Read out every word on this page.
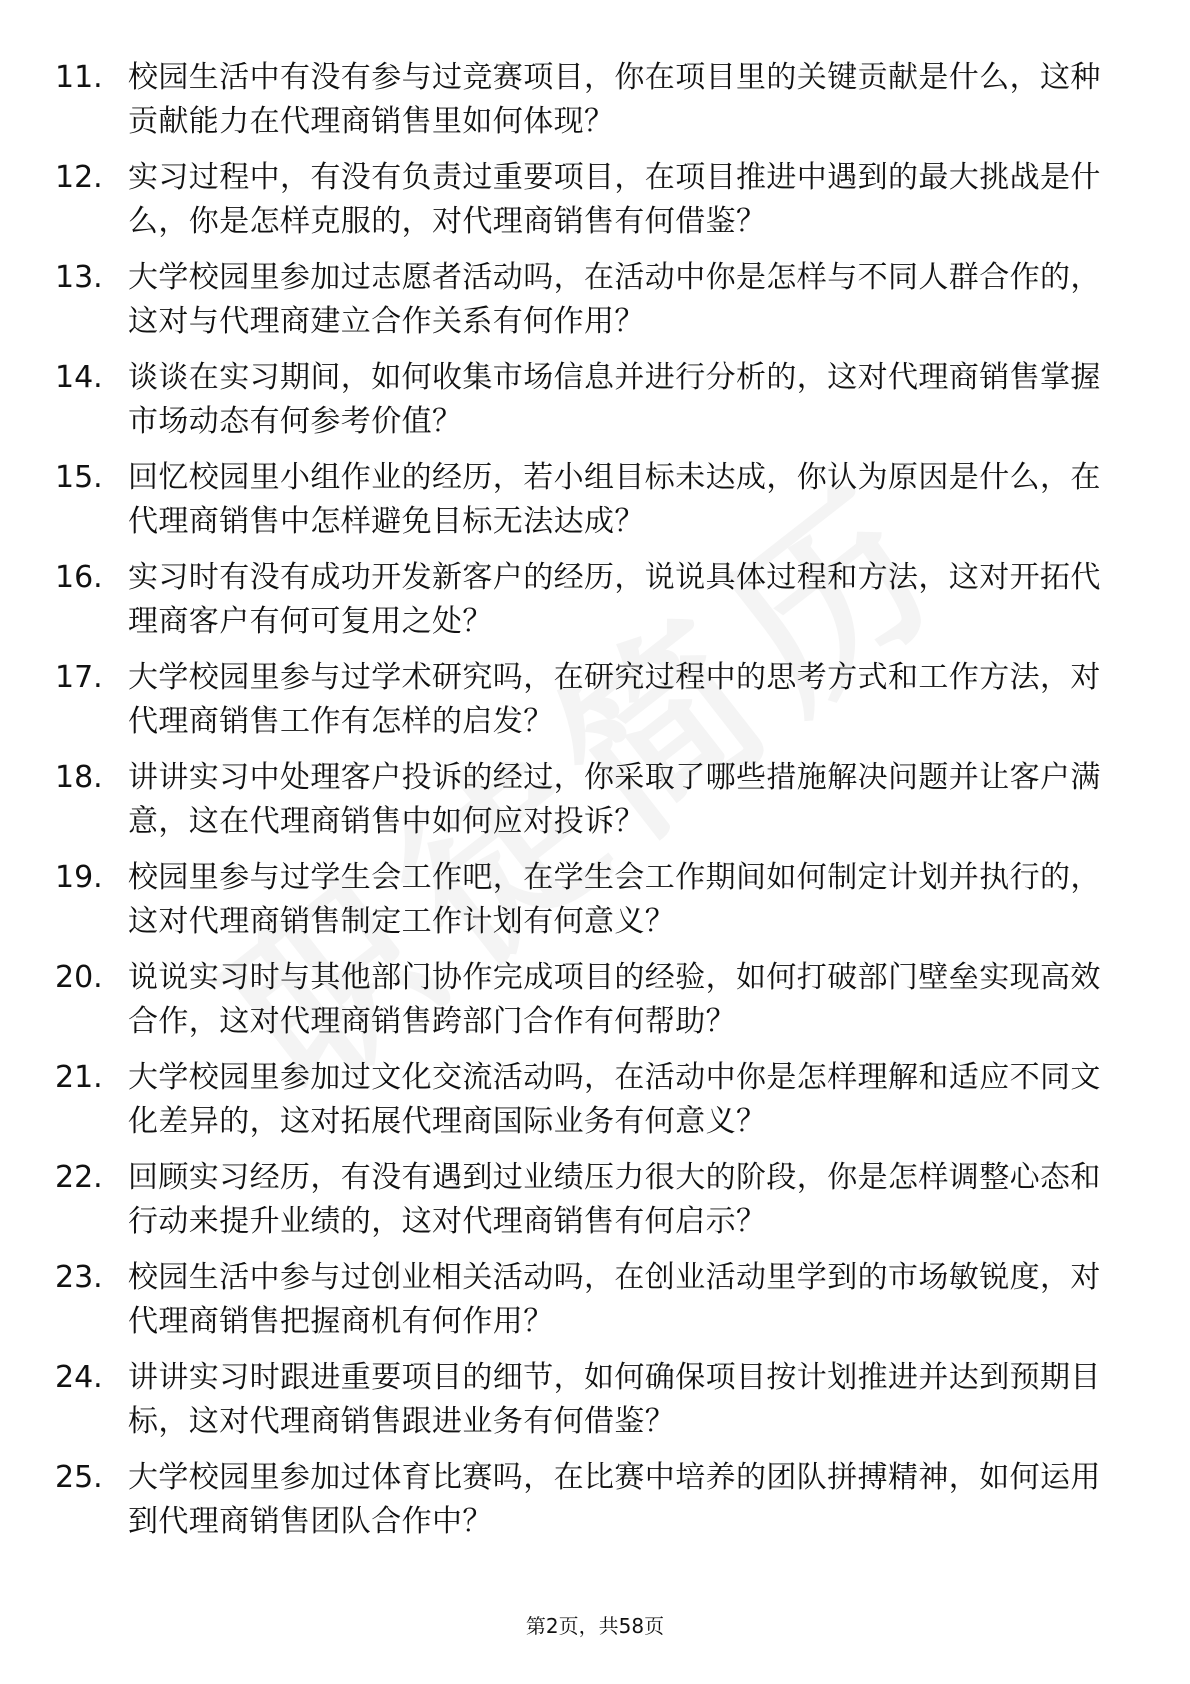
11. 校园生活中有没有参与过竞赛项目，你在项目里的关键贡献是什么，这种贡献能力在代理商销售里如何体现？
12. 实习过程中，有没有负责过重要项目，在项目推进中遇到的最大挑战是什么，你是怎样克服的，对代理商销售有何借鉴？
13. 大学校园里参加过志愿者活动吗，在活动中你是怎样与不同人群合作的，这对与代理商建立合作关系有何作用？
14. 谈谈在实习期间，如何收集市场信息并进行分析的，这对代理商销售掌握市场动态有何参考价值？
15. 回忆校园里小组作业的经历，若小组目标未达成，你认为原因是什么，在代理商销售中怎样避免目标无法达成？
16. 实习时有没有成功开发新客户的经历，说说具体过程和方法，这对开拓代理商客户有何可复用之处？
17. 大学校园里参与过学术研究吗，在研究过程中的思考方式和工作方法，对代理商销售工作有怎样的启发？
18. 讲讲实习中处理客户投诉的经过，你采取了哪些措施解决问题并让客户满意，这在代理商销售中如何应对投诉？
19. 校园里参与过学生会工作吧，在学生会工作期间如何制定计划并执行的，这对代理商销售制定工作计划有何意义？
20. 说说实习时与其他部门协作完成项目的经验，如何打破部门壁垒实现高效合作，这对代理商销售跨部门合作有何帮助？
21. 大学校园里参加过文化交流活动吗，在活动中你是怎样理解和适应不同文化差异的，这对拓展代理商国际业务有何意义？
22. 回顾实习经历，有没有遇到过业绩压力很大的阶段，你是怎样调整心态和行动来提升业绩的，这对代理商销售有何启示？
23. 校园生活中参与过创业相关活动吗，在创业活动里学到的市场敏锐度，对代理商销售把握商机有何作用？
24. 讲讲实习时跟进重要项目的细节，如何确保项目按计划推进并达到预期目标，这对代理商销售跟进业务有何借鉴？
25. 大学校园里参加过体育比赛吗，在比赛中培养的团队拼搏精神，如何运用到代理商销售团队合作中？
第2页，共58页
